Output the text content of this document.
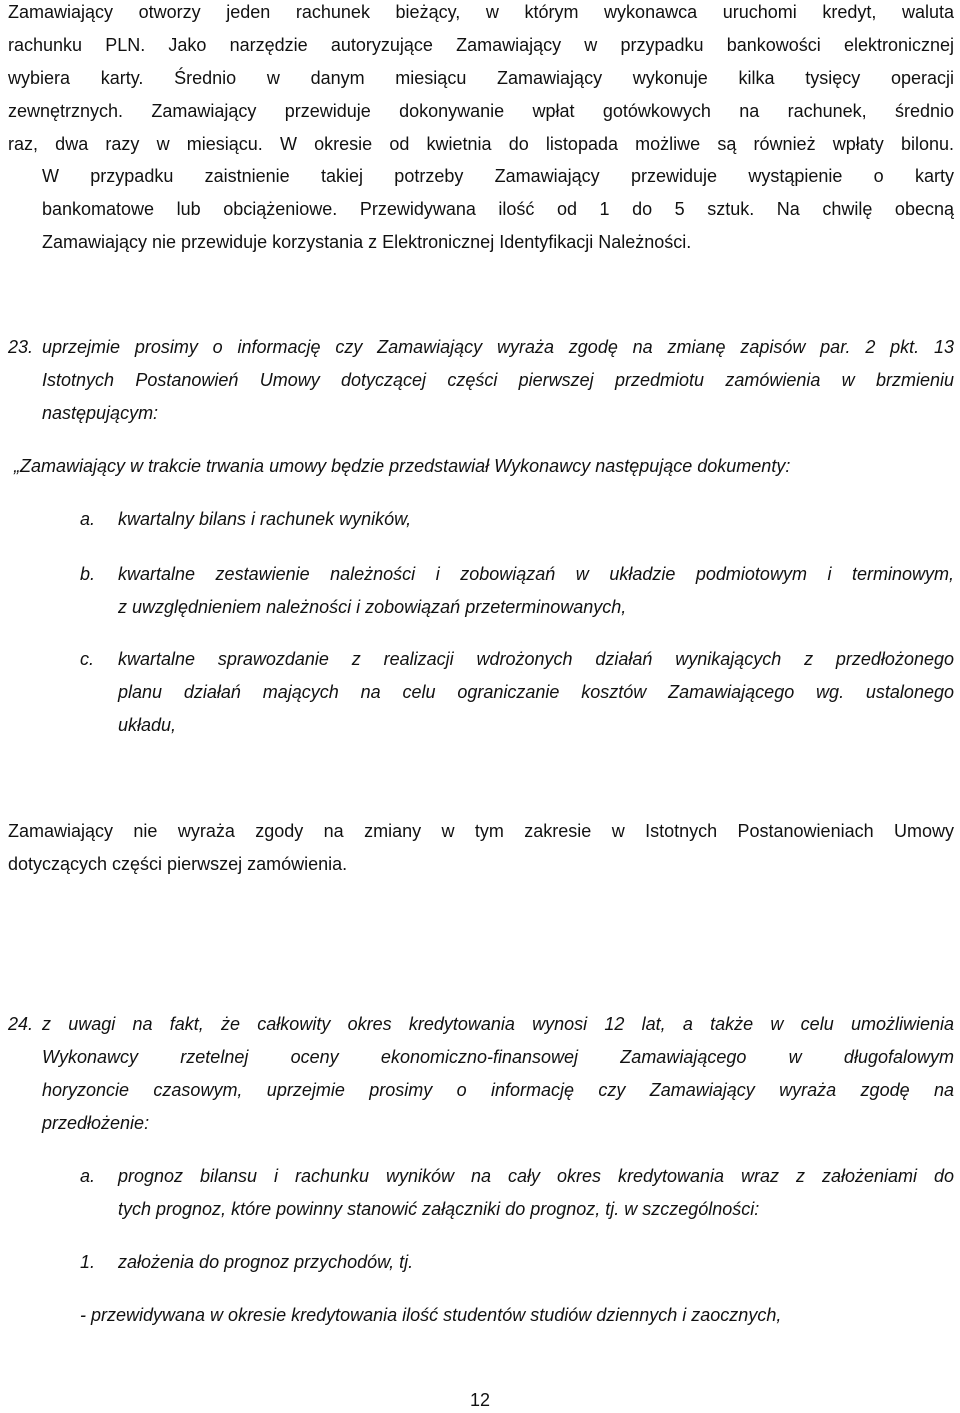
Zamawiający otworzy jeden rachunek bieżący, w którym wykonawca uruchomi kredyt, waluta
rachunku PLN. Jako narzędzie autoryzujące Zamawiający w przypadku bankowości elektronicznej
wybiera karty. Średnio w danym miesiącu Zamawiający wykonuje kilka tysięcy operacji
zewnętrznych. Zamawiający przewiduje dokonywanie wpłat gotówkowych na rachunek, średnio
raz, dwa razy w miesiącu. W okresie od kwietnia do listopada możliwe są również wpłaty bilonu.
W przypadku zaistnienie takiej potrzeby Zamawiający przewiduje wystąpienie o karty
bankomatowe lub obciążeniowe. Przewidywana ilość od 1 do 5 sztuk. Na chwilę obecną
Zamawiający nie przewiduje korzystania z Elektronicznej Identyfikacji Należności.
23. uprzejmie prosimy o informację czy Zamawiający wyraża zgodę na zmianę zapisów par. 2 pkt. 13
Istotnych Postanowień Umowy dotyczącej części pierwszej przedmiotu zamówienia w brzmieniu
następującym:
„Zamawiający w trakcie trwania umowy będzie przedstawiał Wykonawcy następujące dokumenty:
a. kwartalny bilans i rachunek wyników,
b. kwartalne zestawienie należności i zobowiązań w układzie podmiotowym i terminowym,
z uwzględnieniem należności i zobowiązań przeterminowanych,
c. kwartalne sprawozdanie z realizacji wdrożonych działań wynikających z przedłożonego
planu działań mających na celu ograniczanie kosztów Zamawiającego wg. ustalonego
układu,
Zamawiający nie wyraża zgody na zmiany w tym zakresie w Istotnych Postanowieniach Umowy
dotyczących części pierwszej zamówienia.
24. z uwagi na fakt, że całkowity okres kredytowania wynosi 12 lat, a także w celu umożliwienia
Wykonawcy rzetelnej oceny ekonomiczno-finansowej Zamawiającego w długofalowym
horyzoncie czasowym, uprzejmie prosimy o informację czy Zamawiający wyraża zgodę na
przedłożenie:
a. prognoz bilansu i rachunku wyników na cały okres kredytowania wraz z założeniami do
tych prognoz, które powinny stanowić załączniki do prognoz, tj. w szczególności:
1. założenia do prognoz przychodów, tj.
- przewidywana w okresie kredytowania ilość studentów studiów dziennych i zaocznych,
12
